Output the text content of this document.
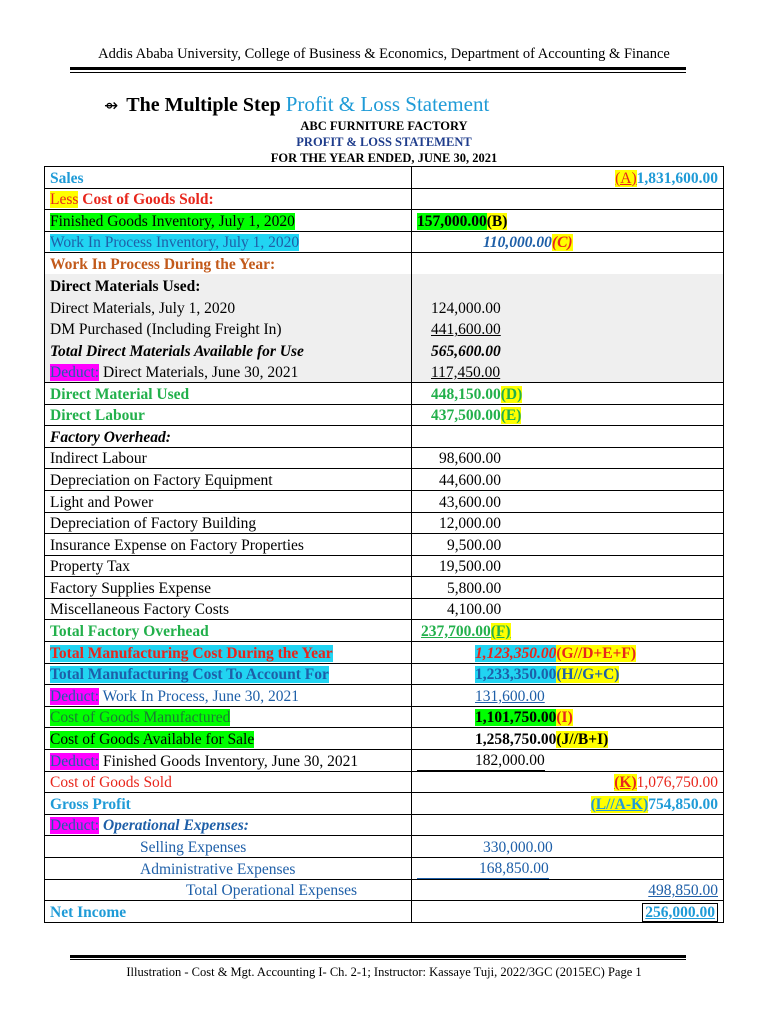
Addis Ababa University, College of Business & Economics, Department of Accounting & Finance
⇴ The Multiple Step Profit & Loss Statement
ABC FURNITURE FACTORY
PROFIT & LOSS STATEMENT
FOR THE YEAR ENDED, JUNE 30, 2021
Sales	(A)1,831,600.00

Less Cost of Goods Sold:	
Finished Goods Inventory, July 1, 2020	157,000.00(B)
Work In Process Inventory, July 1, 2020	110,000.00(C)
Work In Process During the Year:	
Direct Materials Used:	
Direct Materials, July 1, 2020	124,000.00
DM Purchased (Including Freight In)	441,600.00
Total Direct Materials Available for Use	565,600.00
Deduct: Direct Materials, June 30, 2021	117,450.00
Direct Material Used	448,150.00(D)
Direct Labour	437,500.00(E)
Factory Overhead:	
Indirect Labour	98,600.00
Depreciation on Factory Equipment	44,600.00
Light and Power	43,600.00
Depreciation of Factory Building	12,000.00
Insurance Expense on Factory Properties	9,500.00
Property Tax	19,500.00
Factory Supplies Expense	5,800.00
Miscellaneous Factory Costs	4,100.00
Total Factory Overhead	237,700.00(F)
Total Manufacturing Cost During the Year	1,123,350.00(G//D+E+F)
Total Manufacturing Cost To Account For	1,233,350.00(H//G+C)
Deduct: Work In Process, June 30, 2021	131,600.00
Cost of Goods Manufactured	1,101,750.00(I)
Cost of Goods Available for Sale	1,258,750.00(J//B+I)
Deduct: Finished Goods Inventory, June 30, 2021	182,000.00
Cost of Goods Sold	(K)1,076,750.00

Gross Profit	(L//A-K)754,850.00

Deduct: Operational Expenses:	
Selling Expenses	330,000.00
Administrative Expenses	168,850.00
Total Operational Expenses	498,850.00

Net Income	256,000.00
Illustration - Cost & Mgt. Accounting I- Ch. 2-1; Instructor: Kassaye Tuji, 2022/3GC (2015EC) Page 1
